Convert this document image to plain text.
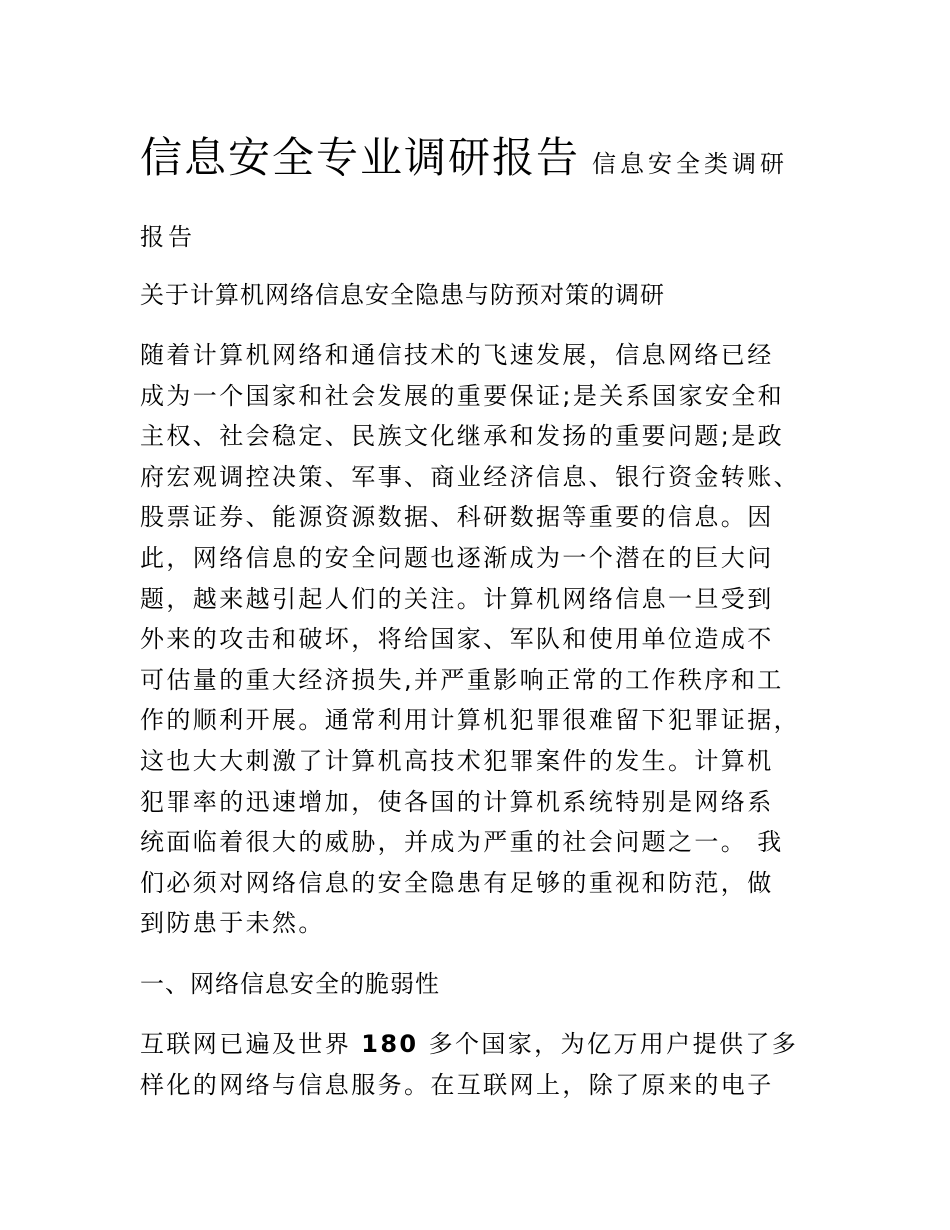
信息安全专业调研报告 信息安全类调研

报告

关于计算机网络信息安全隐患与防预对策的调研

随着计算机网络和通信技术的飞速发展，信息网络已经
成为一个国家和社会发展的重要保证;是关系国家安全和
主权、社会稳定、民族文化继承和发扬的重要问题;是政
府宏观调控决策、军事、商业经济信息、银行资金转账、
股票证券、能源资源数据、科研数据等重要的信息。因
此，网络信息的安全问题也逐渐成为一个潜在的巨大问
题，越来越引起人们的关注。计算机网络信息一旦受到
外来的攻击和破坏，将给国家、军队和使用单位造成不
可估量的重大经济损失,并严重影响正常的工作秩序和工
作的顺利开展。通常利用计算机犯罪很难留下犯罪证据，
这也大大刺激了计算机高技术犯罪案件的发生。计算机
犯罪率的迅速增加，使各国的计算机系统特别是网络系
统面临着很大的威胁，并成为严重的社会问题之一。 我
们必须对网络信息的安全隐患有足够的重视和防范，做
到防患于未然。

一、网络信息安全的脆弱性

互联网已遍及世界 180 多个国家，为亿万用户提供了多
样化的网络与信息服务。在互联网上，除了原来的电子
